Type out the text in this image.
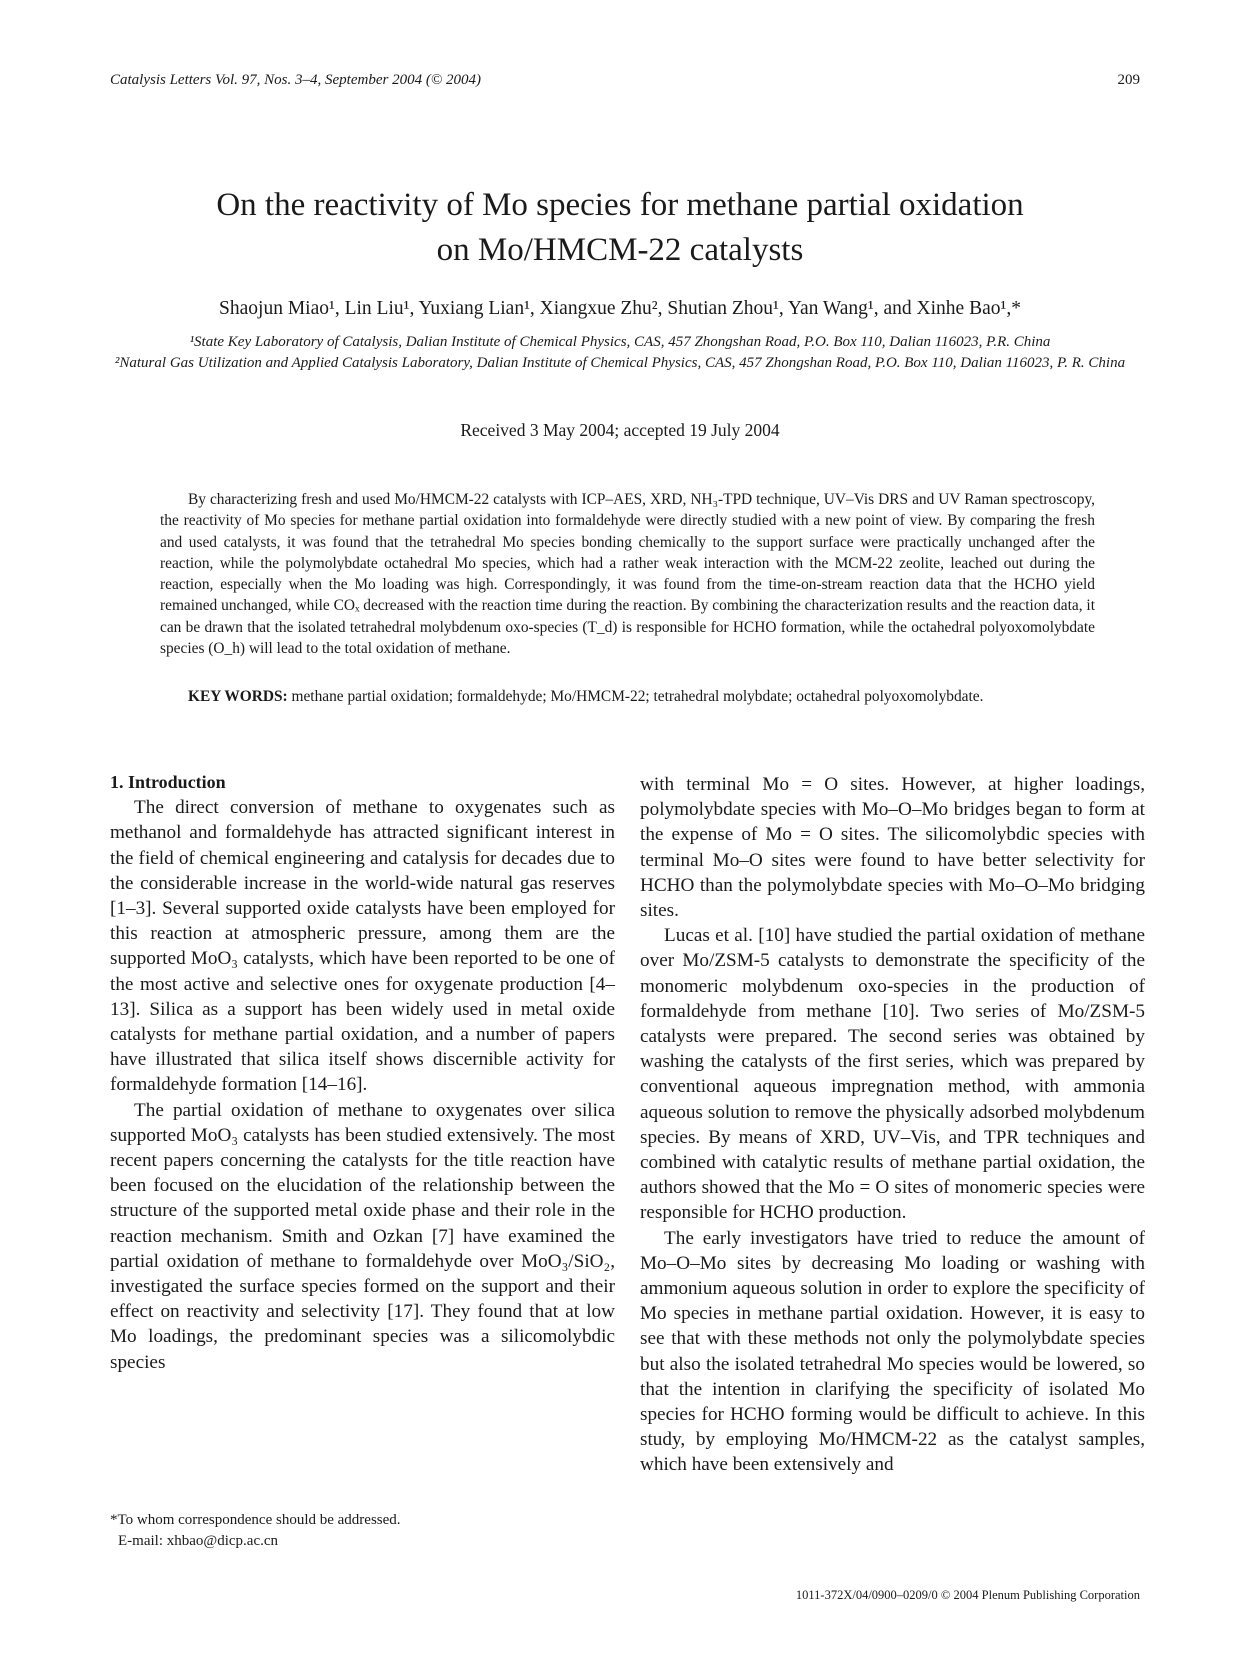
Catalysis Letters Vol. 97, Nos. 3–4, September 2004 (© 2004)	209
On the reactivity of Mo species for methane partial oxidation
on Mo/HMCM-22 catalysts
Shaojun Miao¹, Lin Liu¹, Yuxiang Lian¹, Xiangxue Zhu², Shutian Zhou¹, Yan Wang¹, and Xinhe Bao¹,*
¹State Key Laboratory of Catalysis, Dalian Institute of Chemical Physics, CAS, 457 Zhongshan Road, P.O. Box 110, Dalian 116023, P.R. China
²Natural Gas Utilization and Applied Catalysis Laboratory, Dalian Institute of Chemical Physics, CAS, 457 Zhongshan Road, P.O. Box 110, Dalian 116023, P. R. China
Received 3 May 2004; accepted 19 July 2004
By characterizing fresh and used Mo/HMCM-22 catalysts with ICP–AES, XRD, NH₃-TPD technique, UV–Vis DRS and UV Raman spectroscopy, the reactivity of Mo species for methane partial oxidation into formaldehyde were directly studied with a new point of view. By comparing the fresh and used catalysts, it was found that the tetrahedral Mo species bonding chemically to the support surface were practically unchanged after the reaction, while the polymolybdate octahedral Mo species, which had a rather weak interaction with the MCM-22 zeolite, leached out during the reaction, especially when the Mo loading was high. Correspondingly, it was found from the time-on-stream reaction data that the HCHO yield remained unchanged, while COₓ decreased with the reaction time during the reaction. By combining the characterization results and the reaction data, it can be drawn that the isolated tetrahedral molybdenum oxo-species (T_d) is responsible for HCHO formation, while the octahedral polyoxomolybdate species (O_h) will lead to the total oxidation of methane.
KEY WORDS: methane partial oxidation; formaldehyde; Mo/HMCM-22; tetrahedral molybdate; octahedral polyoxomolybdate.

1. Introduction

The direct conversion of methane to oxygenates such as methanol and formaldehyde has attracted significant interest in the field of chemical engineering and catalysis for decades due to the considerable increase in the world-wide natural gas reserves [1–3]. Several supported oxide catalysts have been employed for this reaction at atmospheric pressure, among them are the supported MoO₃ catalysts, which have been reported to be one of the most active and selective ones for oxygenate production [4–13]. Silica as a support has been widely used in metal oxide catalysts for methane partial oxidation, and a number of papers have illustrated that silica itself shows discernible activity for formaldehyde formation [14–16].

The partial oxidation of methane to oxygenates over silica supported MoO₃ catalysts has been studied extensively. The most recent papers concerning the catalysts for the title reaction have been focused on the elucidation of the relationship between the structure of the supported metal oxide phase and their role in the reaction mechanism. Smith and Ozkan [7] have examined the partial oxidation of methane to formaldehyde over MoO₃/SiO₂, investigated the surface species formed on the support and their effect on reactivity and selectivity [17]. They found that at low Mo loadings, the predominant species was a silicomolybdic species

with terminal Mo = O sites. However, at higher loadings, polymolybdate species with Mo–O–Mo bridges began to form at the expense of Mo = O sites. The silicomolybdic species with terminal Mo–O sites were found to have better selectivity for HCHO than the polymolybdate species with Mo–O–Mo bridging sites.

Lucas et al. [10] have studied the partial oxidation of methane over Mo/ZSM-5 catalysts to demonstrate the specificity of the monomeric molybdenum oxo-species in the production of formaldehyde from methane [10]. Two series of Mo/ZSM-5 catalysts were prepared. The second series was obtained by washing the catalysts of the first series, which was prepared by conventional aqueous impregnation method, with ammonia aqueous solution to remove the physically adsorbed molybdenum species. By means of XRD, UV–Vis, and TPR techniques and combined with catalytic results of methane partial oxidation, the authors showed that the Mo = O sites of monomeric species were responsible for HCHO production.

The early investigators have tried to reduce the amount of Mo–O–Mo sites by decreasing Mo loading or washing with ammonium aqueous solution in order to explore the specificity of Mo species in methane partial oxidation. However, it is easy to see that with these methods not only the polymolybdate species but also the isolated tetrahedral Mo species would be lowered, so that the intention in clarifying the specificity of isolated Mo species for HCHO forming would be difficult to achieve. In this study, by employing Mo/HMCM-22 as the catalyst samples, which have been extensively and

*To whom correspondence should be addressed.
E-mail: xhbao@dicp.ac.cn
1011-372X/04/0900–0209/0 © 2004 Plenum Publishing Corporation
